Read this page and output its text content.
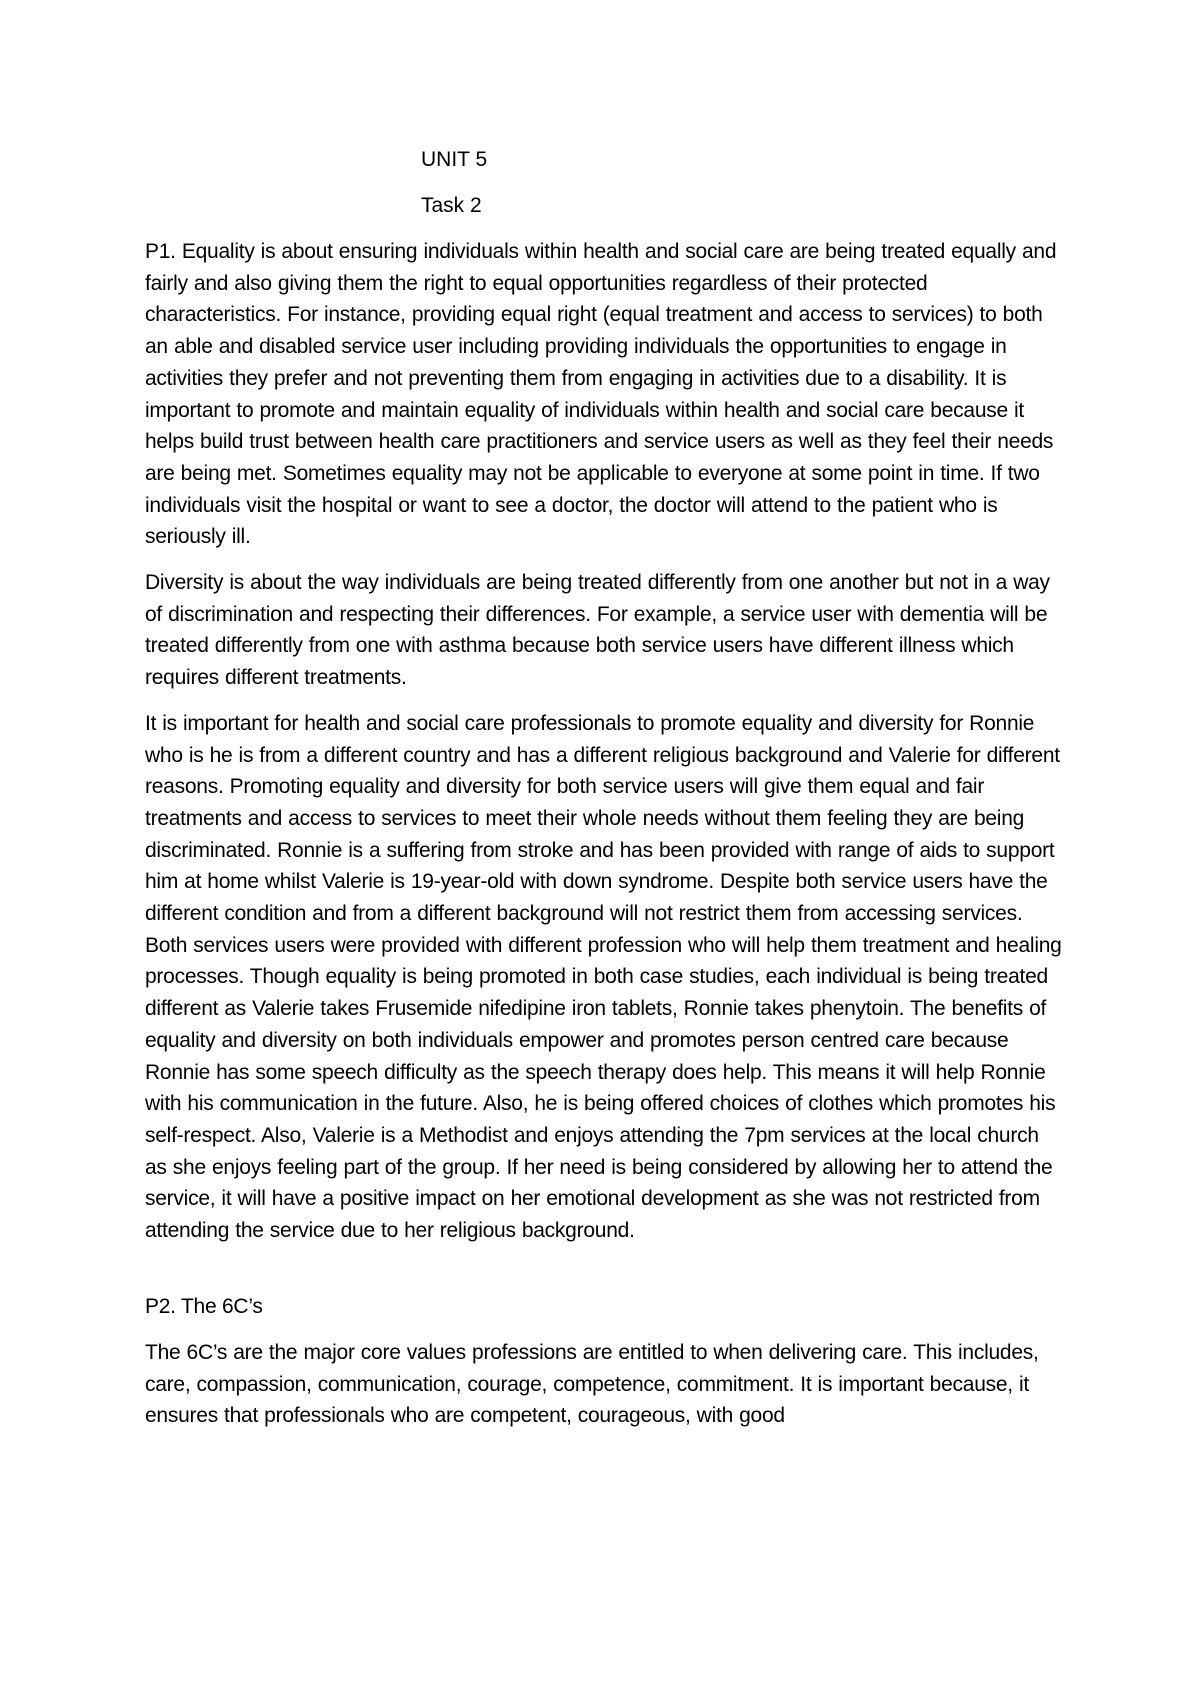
UNIT 5
Task 2

P1. Equality is about ensuring individuals within health and social care are being treated equally and fairly and also giving them the right to equal opportunities regardless of their protected characteristics. For instance, providing equal right (equal treatment and access to services) to both an able and disabled service user including providing individuals the opportunities to engage in activities they prefer and not preventing them from engaging in activities due to a disability. It is important to promote and maintain equality of individuals within health and social care because it helps build trust between health care practitioners and service users as well as they feel their needs are being met. Sometimes equality may not be applicable to everyone at some point in time. If two individuals visit the hospital or want to see a doctor, the doctor will attend to the patient who is seriously ill.

Diversity is about the way individuals are being treated differently from one another but not in a way of discrimination and respecting their differences. For example, a service user with dementia will be treated differently from one with asthma because both service users have different illness which requires different treatments.

It is important for health and social care professionals to promote equality and diversity for Ronnie who is he is from a different country and has a different religious background and Valerie for different reasons. Promoting equality and diversity for both service users will give them equal and fair treatments and access to services to meet their whole needs without them feeling they are being discriminated. Ronnie is a suffering from stroke and has been provided with range of aids to support him at home whilst Valerie is 19-year-old with down syndrome. Despite both service users have the different condition and from a different background will not restrict them from accessing services. Both services users were provided with different profession who will help them treatment and healing processes. Though equality is being promoted in both case studies, each individual is being treated different as Valerie takes Frusemide nifedipine iron tablets, Ronnie takes phenytoin. The benefits of equality and diversity on both individuals empower and promotes person centred care because Ronnie has some speech difficulty as the speech therapy does help. This means it will help Ronnie with his communication in the future. Also, he is being offered choices of clothes which promotes his self-respect. Also, Valerie is a Methodist and enjoys attending the 7pm services at the local church as she enjoys feeling part of the group. If her need is being considered by allowing her to attend the service, it will have a positive impact on her emotional development as she was not restricted from attending the service due to her religious background.

P2. The 6C’s

The 6C’s are the major core values professions are entitled to when delivering care. This includes, care, compassion, communication, courage, competence, commitment. It is important because, it ensures that professionals who are competent, courageous, with good
